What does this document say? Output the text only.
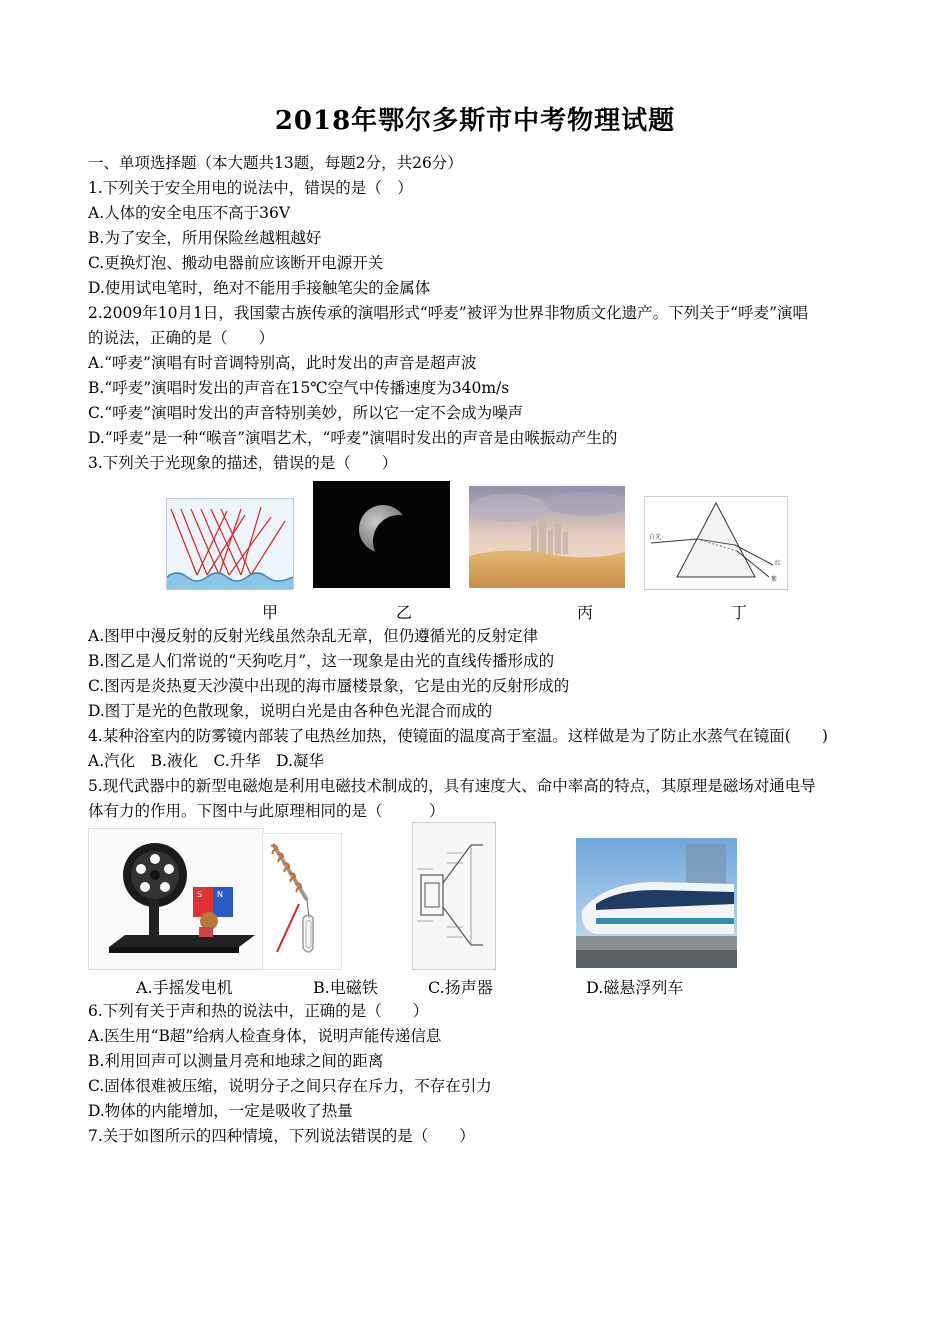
2018年鄂尔多斯市中考物理试题
一、单项选择题（本大题共13题，每题2分，共26分）
1.下列关于安全用电的说法中，错误的是（　）
A.人体的安全电压不高于36V
B.为了安全，所用保险丝越粗越好
C.更换灯泡、搬动电器前应该断开电源开关
D.使用试电笔时，绝对不能用手接触笔尖的金属体
2.2009年10月1日，我国蒙古族传承的演唱形式“呼麦”被评为世界非物质文化遗产。下列关于“呼麦”演唱
的说法，正确的是（　　）
A.“呼麦”演唱有时音调特别高，此时发出的声音是超声波
B.“呼麦”演唱时发出的声音在15℃空气中传播速度为340m/s
C.“呼麦”演唱时发出的声音特别美妙，所以它一定不会成为噪声
D.“呼麦”是一种“喉音”演唱艺术，“呼麦”演唱时发出的声音是由喉振动产生的
3.下列关于光现象的描述，错误的是（　　）
白光
红
紫
甲	乙	丙	丁
A.图甲中漫反射的反射光线虽然杂乱无章，但仍遵循光的反射定律
B.图乙是人们常说的“天狗吃月”，这一现象是由光的直线传播形成的
C.图丙是炎热夏天沙漠中出现的海市蜃楼景象，它是由光的反射形成的
D.图丁是光的色散现象，说明白光是由各种色光混合而成的
4.某种浴室内的防雾镜内部装了电热丝加热，使镜面的温度高于室温。这样做是为了防止水蒸气在镜面(　　)
A.汽化　B.液化　C.升华　D.凝华
5.现代武器中的新型电磁炮是利用电磁技术制成的，具有速度大、命中率高的特点，其原理是磁场对通电导
体有力的作用。下图中与此原理相同的是（　　　）
S N
A.手摇发电机	B.电磁铁	C.扬声器	D.磁悬浮列车
6.下列有关于声和热的说法中，正确的是（　　）
A.医生用“B超”给病人检查身体，说明声能传递信息
B.利用回声可以测量月亮和地球之间的距离
C.固体很难被压缩，说明分子之间只存在斥力，不存在引力
D.物体的内能增加，一定是吸收了热量
7.关于如图所示的四种情境，下列说法错误的是（　　）
